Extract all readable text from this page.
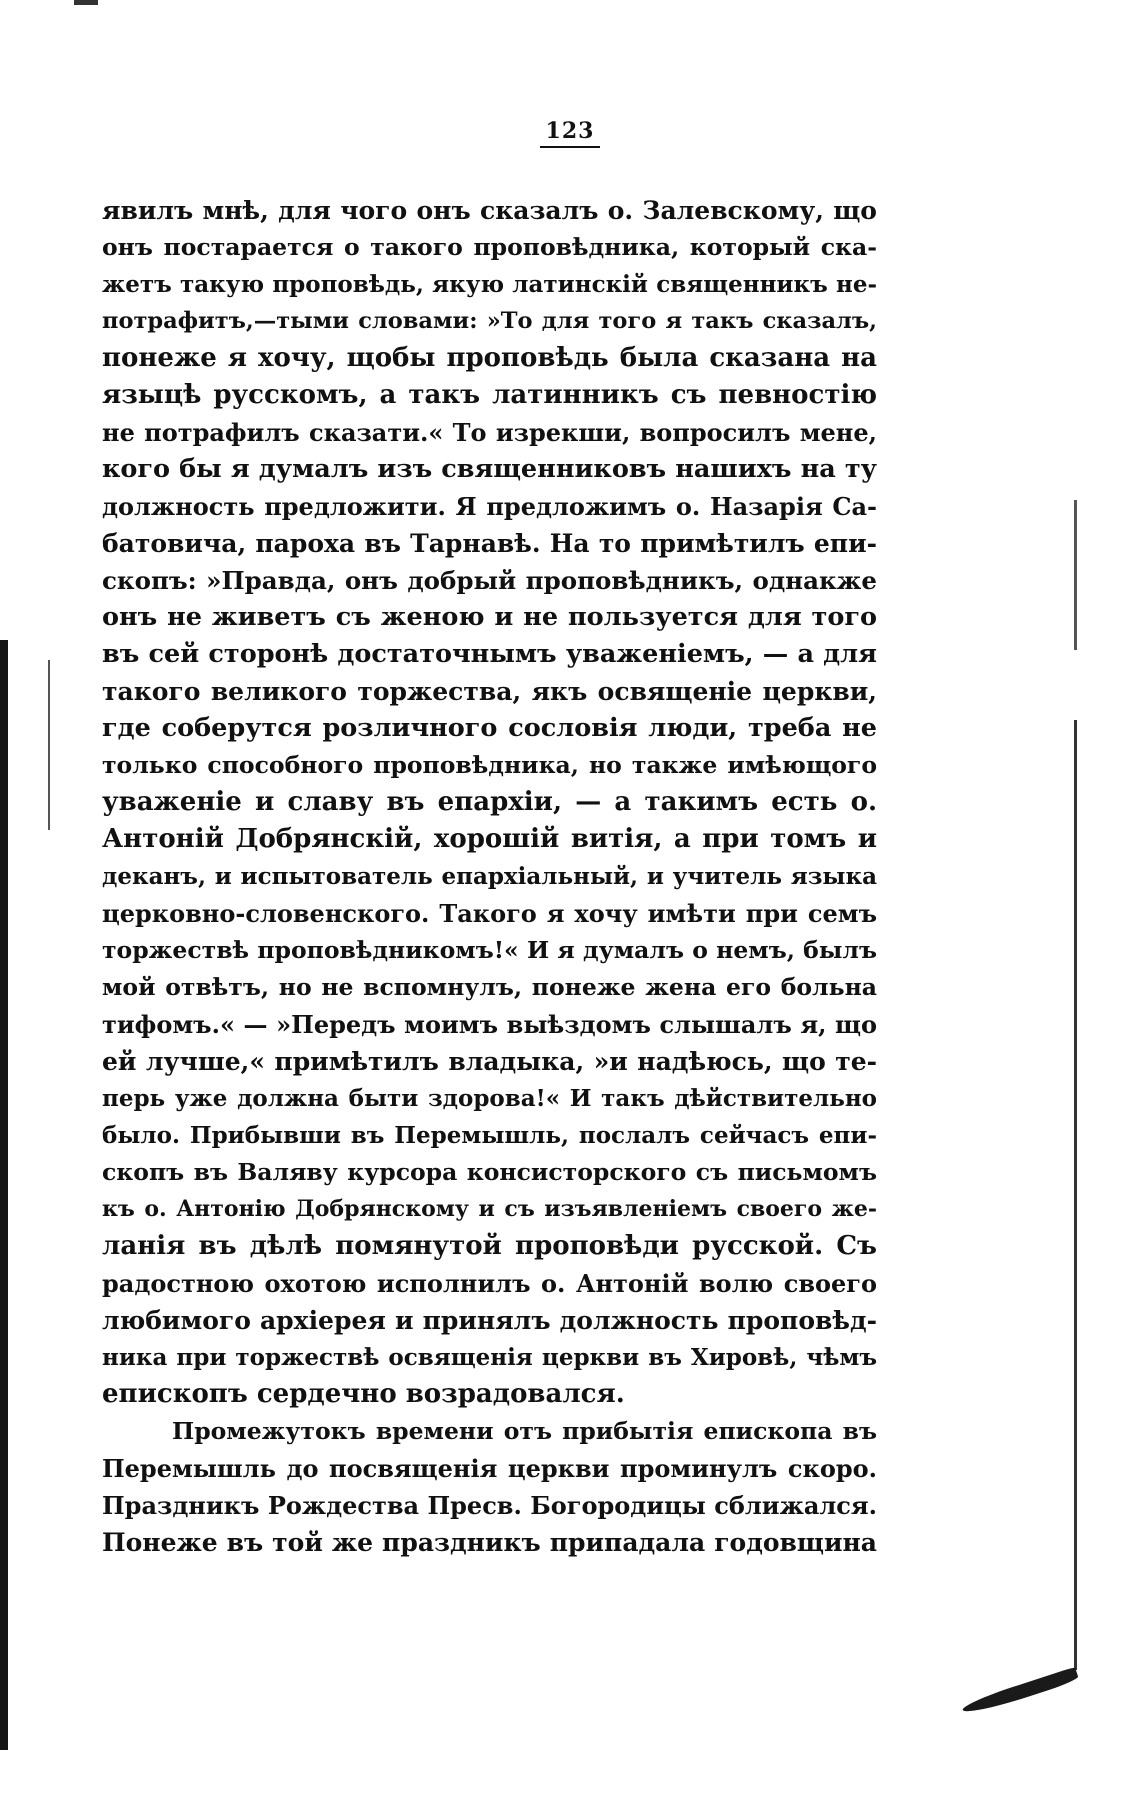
123
явилъ мнѣ, для чого онъ сказалъ о. Залевскому, що
онъ постарается о такого проповѣдника, который ска-
жетъ такую проповѣдь, якую латинскій священникъ не-
потрафитъ,—тыми словами: »То для того я такъ сказалъ,
понеже я хочу, щобы проповѣдь была сказана на
языцѣ русскомъ, а такъ латинникъ съ певностію
не потрафилъ сказати.« То изрекши, вопросилъ мене,
кого бы я думалъ изъ священниковъ нашихъ на ту
должность предложити. Я предложимъ о. Назарія Са-
батовича, пароха въ Тарнавѣ. На то примѣтилъ епи-
скопъ: »Правда, онъ добрый проповѣдникъ, однакже
онъ не живетъ съ женою и не пользуется для того
въ сей сторонѣ достаточнымъ уваженіемъ, — а для
такого великого торжества, якъ освященіе церкви,
где соберутся розличного сословія люди, треба не
только способного проповѣдника, но также имѣющого
уваженіе и славу въ епархіи, — а такимъ есть о.
Антоній Добрянскій, хорошій витія, а при томъ и
деканъ, и испытователь епархіальный, и учитель языка
церковно-словенского. Такого я хочу имѣти при семъ
торжествѣ проповѣдникомъ!« И я думалъ о немъ, былъ
мой отвѣтъ, но не вспомнулъ, понеже жена его больна
тифомъ.« — »Передъ моимъ выѣздомъ слышалъ я, що
ей лучше,« примѣтилъ владыка, »и надѣюсь, що те-
перь уже должна быти здорова!« И такъ дѣйствительно
было. Прибывши въ Перемышль, послалъ сейчасъ епи-
скопъ въ Валяву курсора консисторского съ письмомъ
къ о. Антонію Добрянскому и съ изъявленіемъ своего же-
ланія въ дѣлѣ помянутой проповѣди русской. Съ
радостною охотою исполнилъ о. Антоній волю своего
любимого архіерея и принялъ должность проповѣд-
ника при торжествѣ освященія церкви въ Хировѣ, чѣмъ
епископъ сердечно возрадовался.
Промежутокъ времени отъ прибытія епископа въ
Перемышль до посвященія церкви проминулъ скоро.
Праздникъ Рождества Пресв. Богородицы сближался.
Понеже въ той же праздникъ припадала годовщина
